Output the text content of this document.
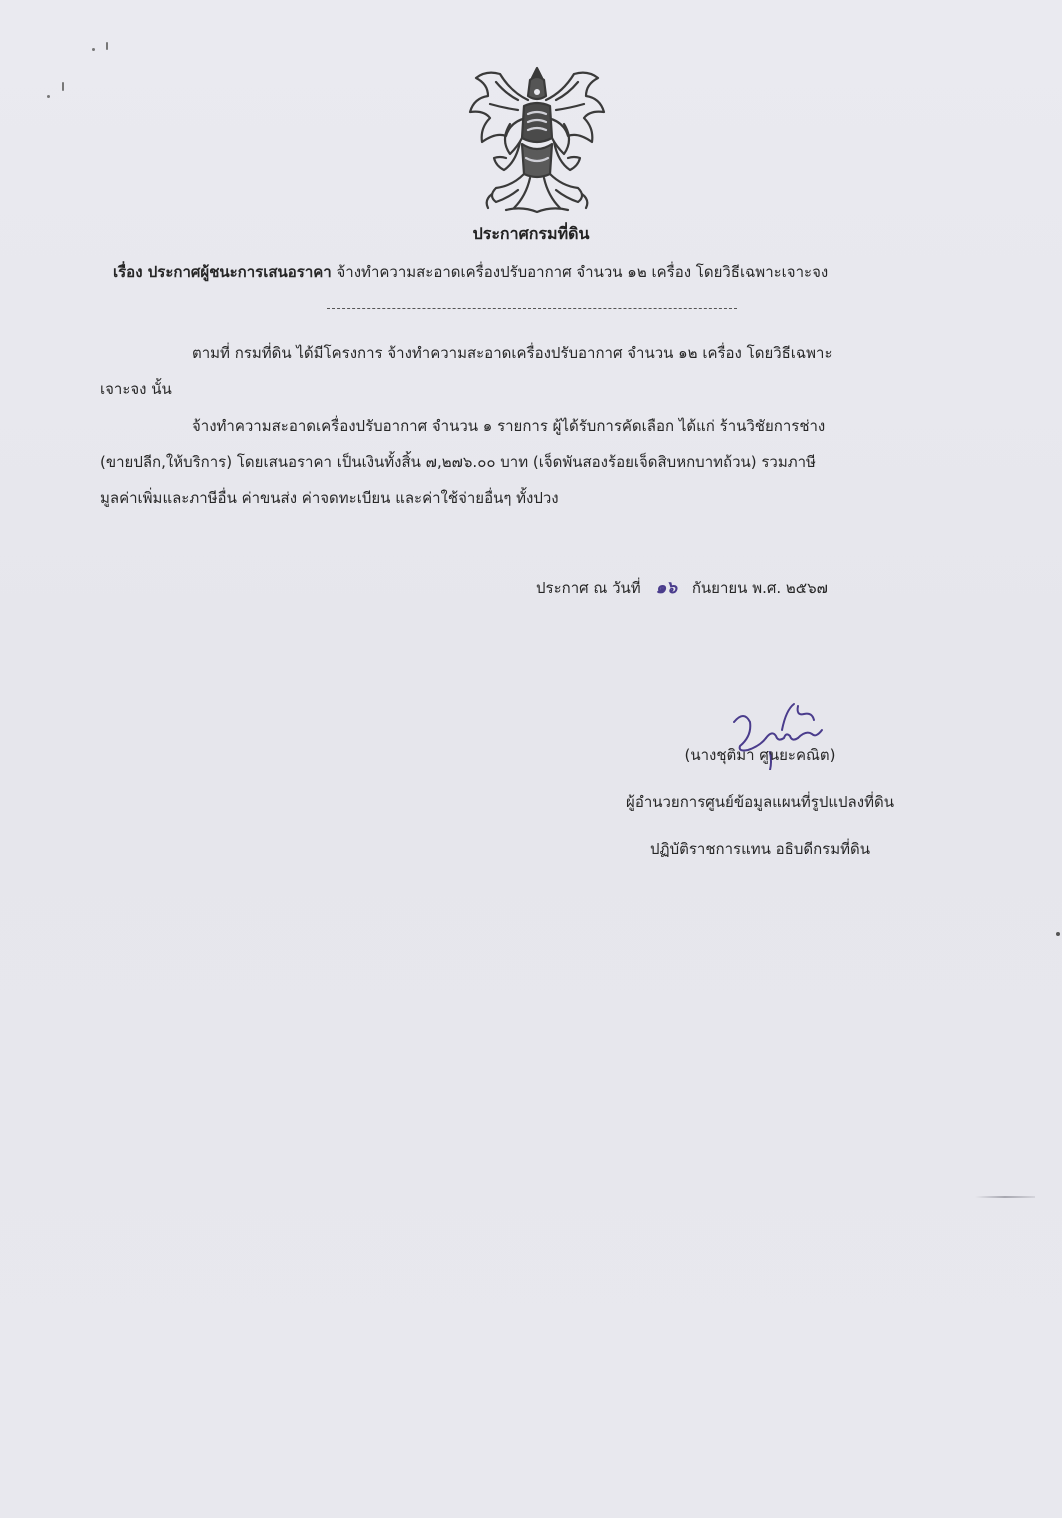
ประกาศกรมที่ดิน
เรื่อง ประกาศผู้ชนะการเสนอราคา จ้างทำความสะอาดเครื่องปรับอากาศ จำนวน ๑๒ เครื่อง โดยวิธีเฉพาะเจาะจง
ตามที่ กรมที่ดิน ได้มีโครงการ จ้างทำความสะอาดเครื่องปรับอากาศ จำนวน ๑๒ เครื่อง โดยวิธีเฉพาะ
เจาะจง นั้น
จ้างทำความสะอาดเครื่องปรับอากาศ จำนวน ๑ รายการ ผู้ได้รับการคัดเลือก ได้แก่ ร้านวิชัยการช่าง
(ขายปลีก,ให้บริการ) โดยเสนอราคา เป็นเงินทั้งสิ้น ๗,๒๗๖.๐๐ บาท (เจ็ดพันสองร้อยเจ็ดสิบหกบาทถ้วน) รวมภาษี
มูลค่าเพิ่มและภาษีอื่น ค่าขนส่ง ค่าจดทะเบียน และค่าใช้จ่ายอื่นๆ ทั้งปวง
ประกาศ ณ วันที่ ๑๖ กันยายน พ.ศ. ๒๕๖๗
(นางชุติมา ศูนยะคณิต)
ผู้อำนวยการศูนย์ข้อมูลแผนที่รูปแปลงที่ดิน
ปฏิบัติราชการแทน อธิบดีกรมที่ดิน
